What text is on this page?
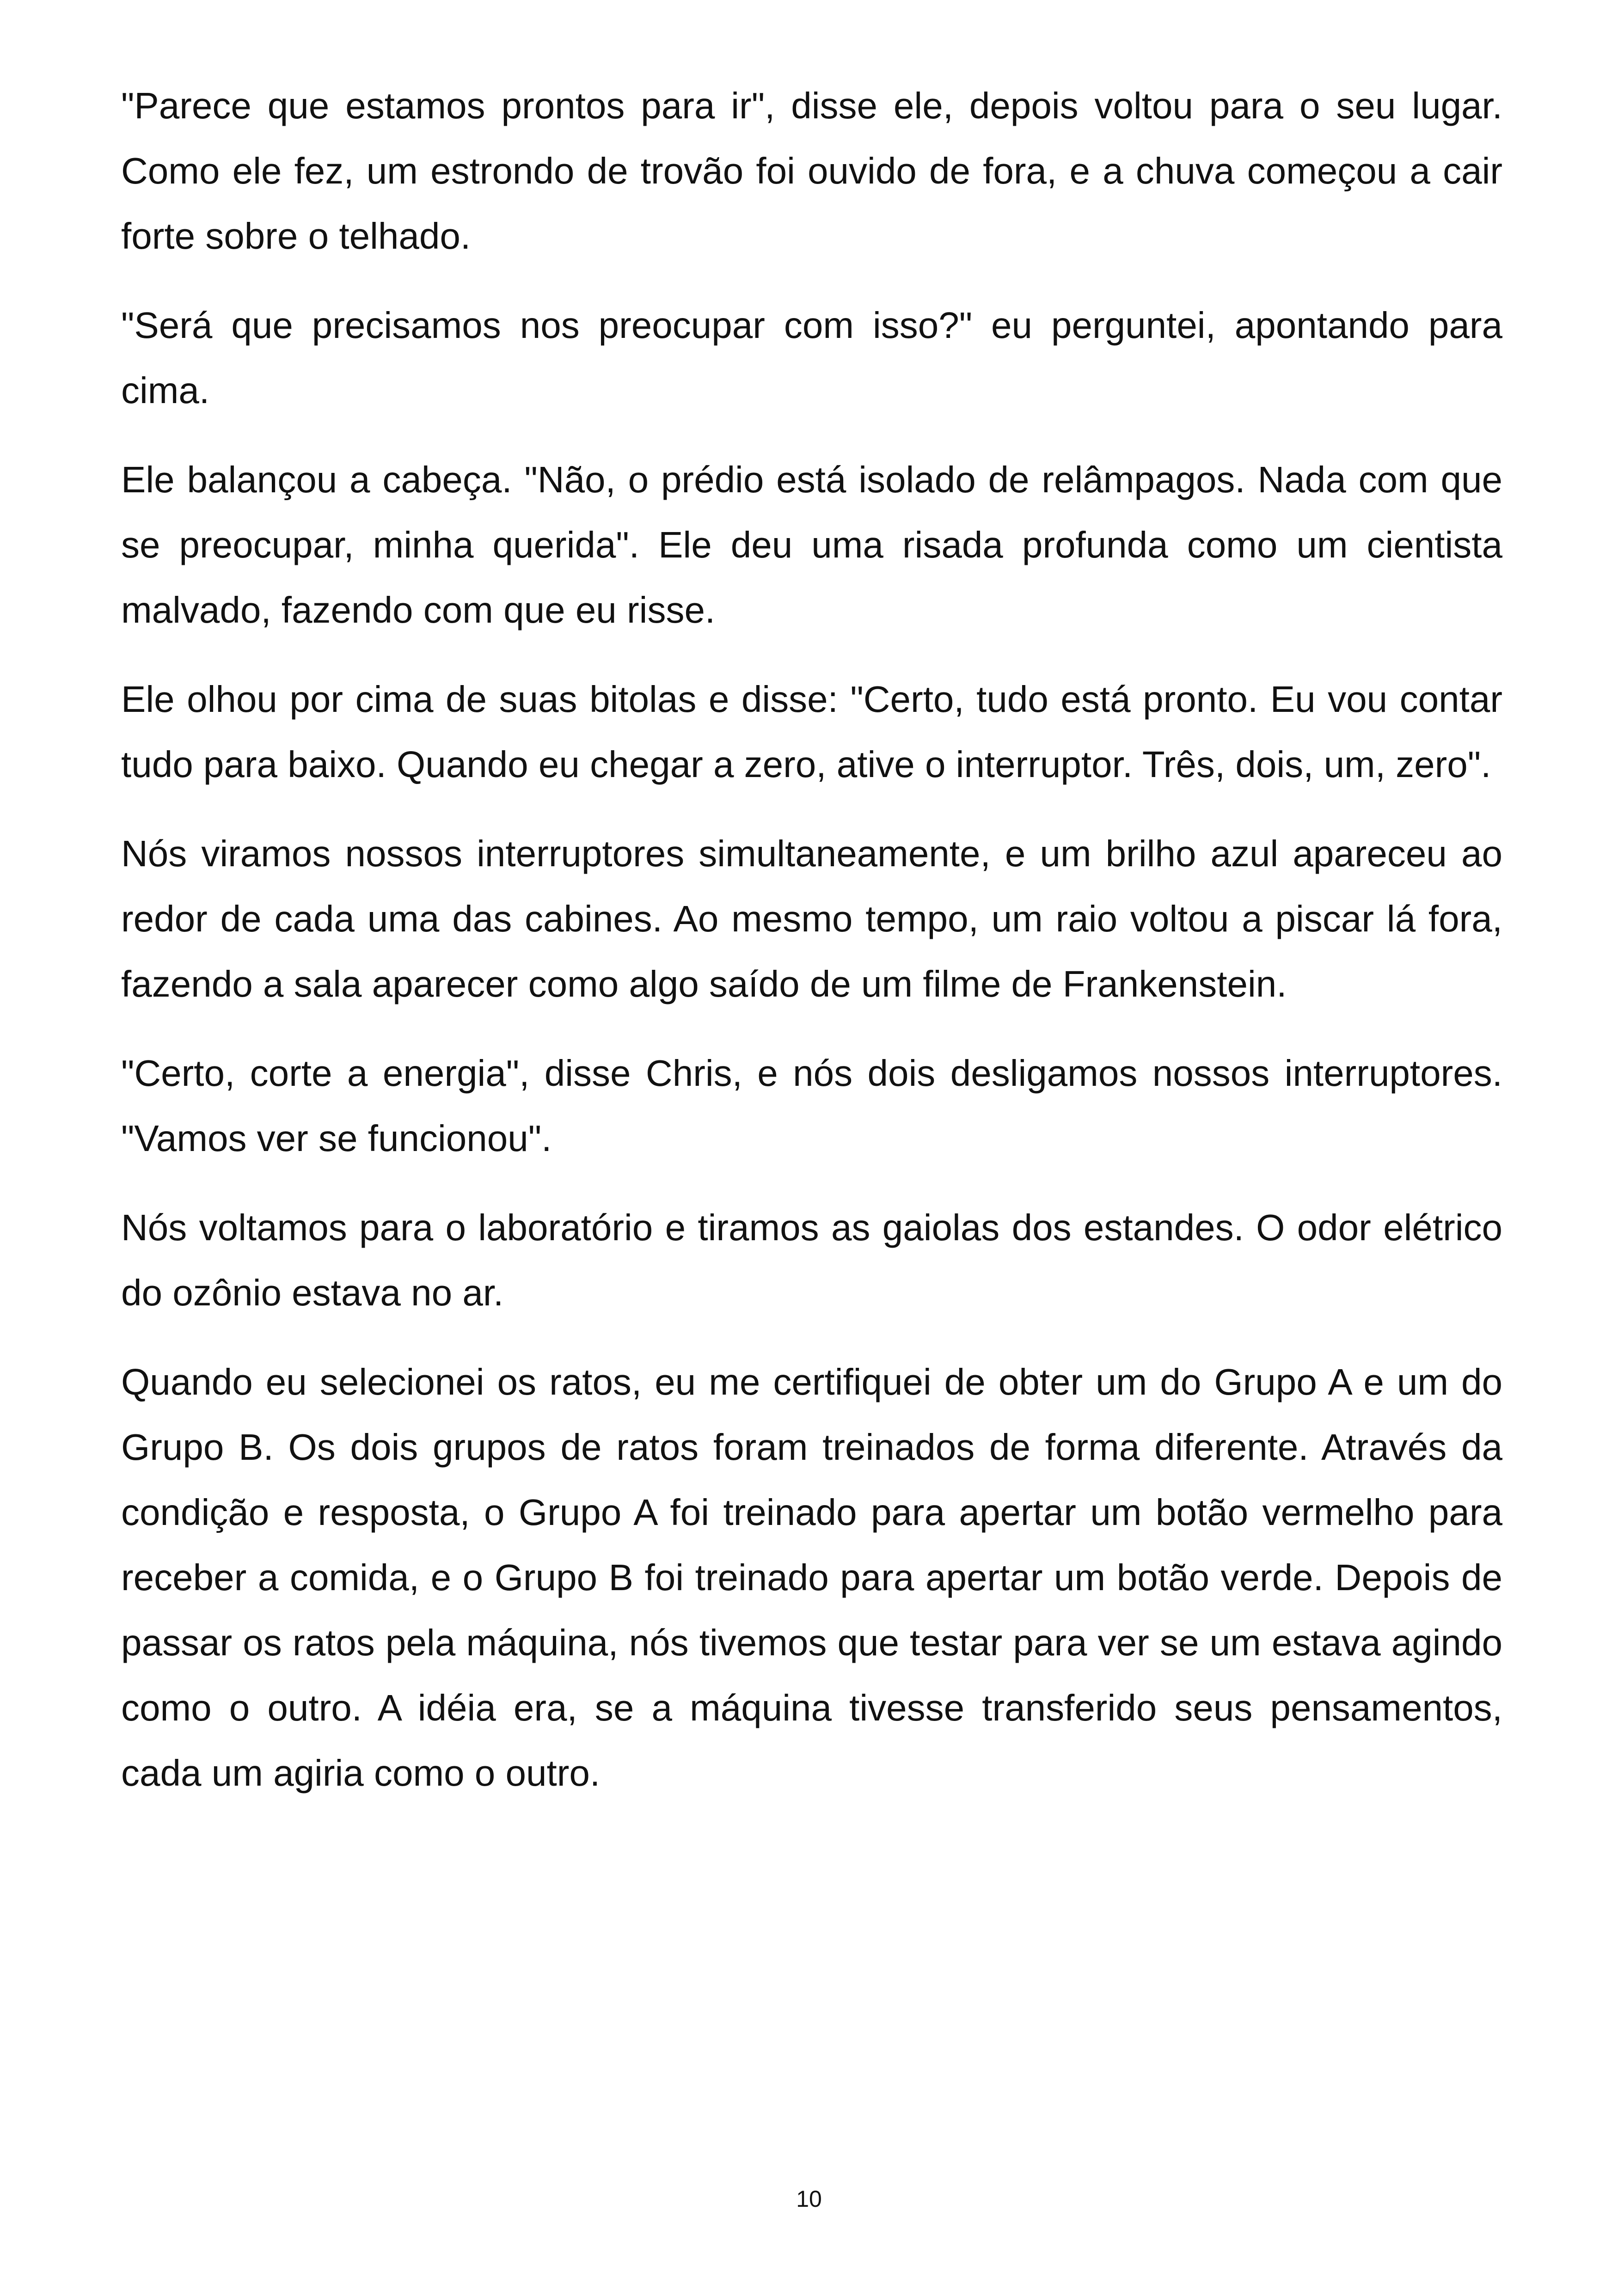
"Parece que estamos prontos para ir", disse ele, depois voltou para o seu lugar. Como ele fez, um estrondo de trovão foi ouvido de fora, e a chuva começou a cair forte sobre o telhado.

"Será que precisamos nos preocupar com isso?" eu perguntei, apontando para cima.

Ele balançou a cabeça. "Não, o prédio está isolado de relâmpagos. Nada com que se preocupar, minha querida". Ele deu uma risada profunda como um cientista malvado, fazendo com que eu risse.

Ele olhou por cima de suas bitolas e disse: "Certo, tudo está pronto. Eu vou contar tudo para baixo. Quando eu chegar a zero, ative o interruptor. Três, dois, um, zero".

Nós viramos nossos interruptores simultaneamente, e um brilho azul apareceu ao redor de cada uma das cabines. Ao mesmo tempo, um raio voltou a piscar lá fora, fazendo a sala aparecer como algo saído de um filme de Frankenstein.

"Certo, corte a energia", disse Chris, e nós dois desligamos nossos interruptores. "Vamos ver se funcionou".

Nós voltamos para o laboratório e tiramos as gaiolas dos estandes. O odor elétrico do ozônio estava no ar.

Quando eu selecionei os ratos, eu me certifiquei de obter um do Grupo A e um do Grupo B. Os dois grupos de ratos foram treinados de forma diferente. Através da condição e resposta, o Grupo A foi treinado para apertar um botão vermelho para receber a comida, e o Grupo B foi treinado para apertar um botão verde. Depois de passar os ratos pela máquina, nós tivemos que testar para ver se um estava agindo como o outro. A idéia era, se a máquina tivesse transferido seus pensamentos, cada um agiria como o outro.

10
